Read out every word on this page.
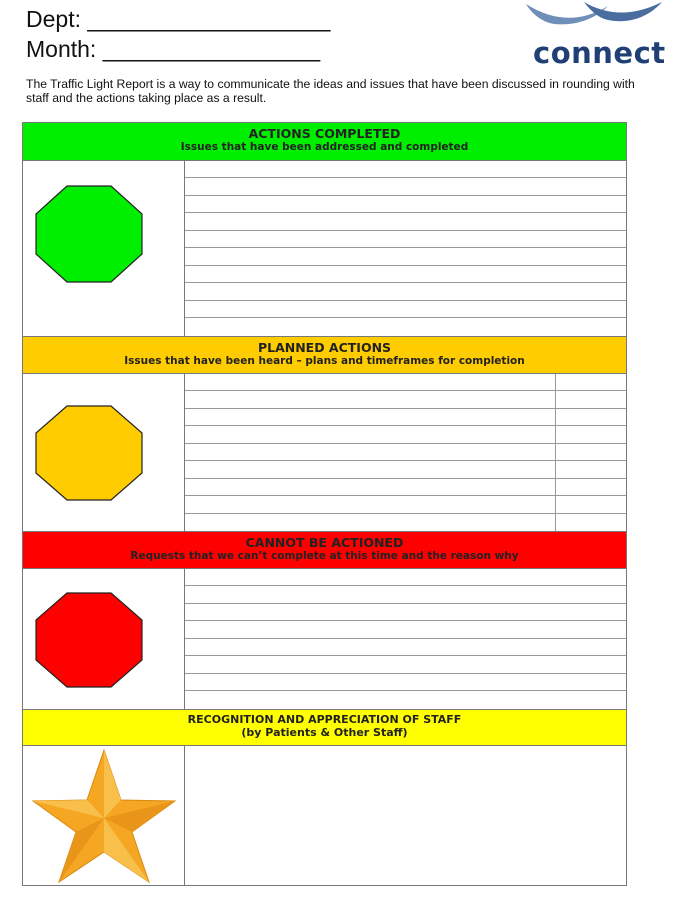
Dept: ___________________
Month: _________________	connect
The Traffic Light Report is a way to communicate the ideas and issues that have been discussed in rounding with staff and the actions taking place as a result.
ACTIONS COMPLETED
Issues that have been addressed and completed
PLANNED ACTIONS
Issues that have been heard – plans and timeframes for completion
CANNOT BE ACTIONED
Requests that we can’t complete at this time and the reason why
RECOGNITION AND APPRECIATION OF STAFF
(by Patients & Other Staff)
